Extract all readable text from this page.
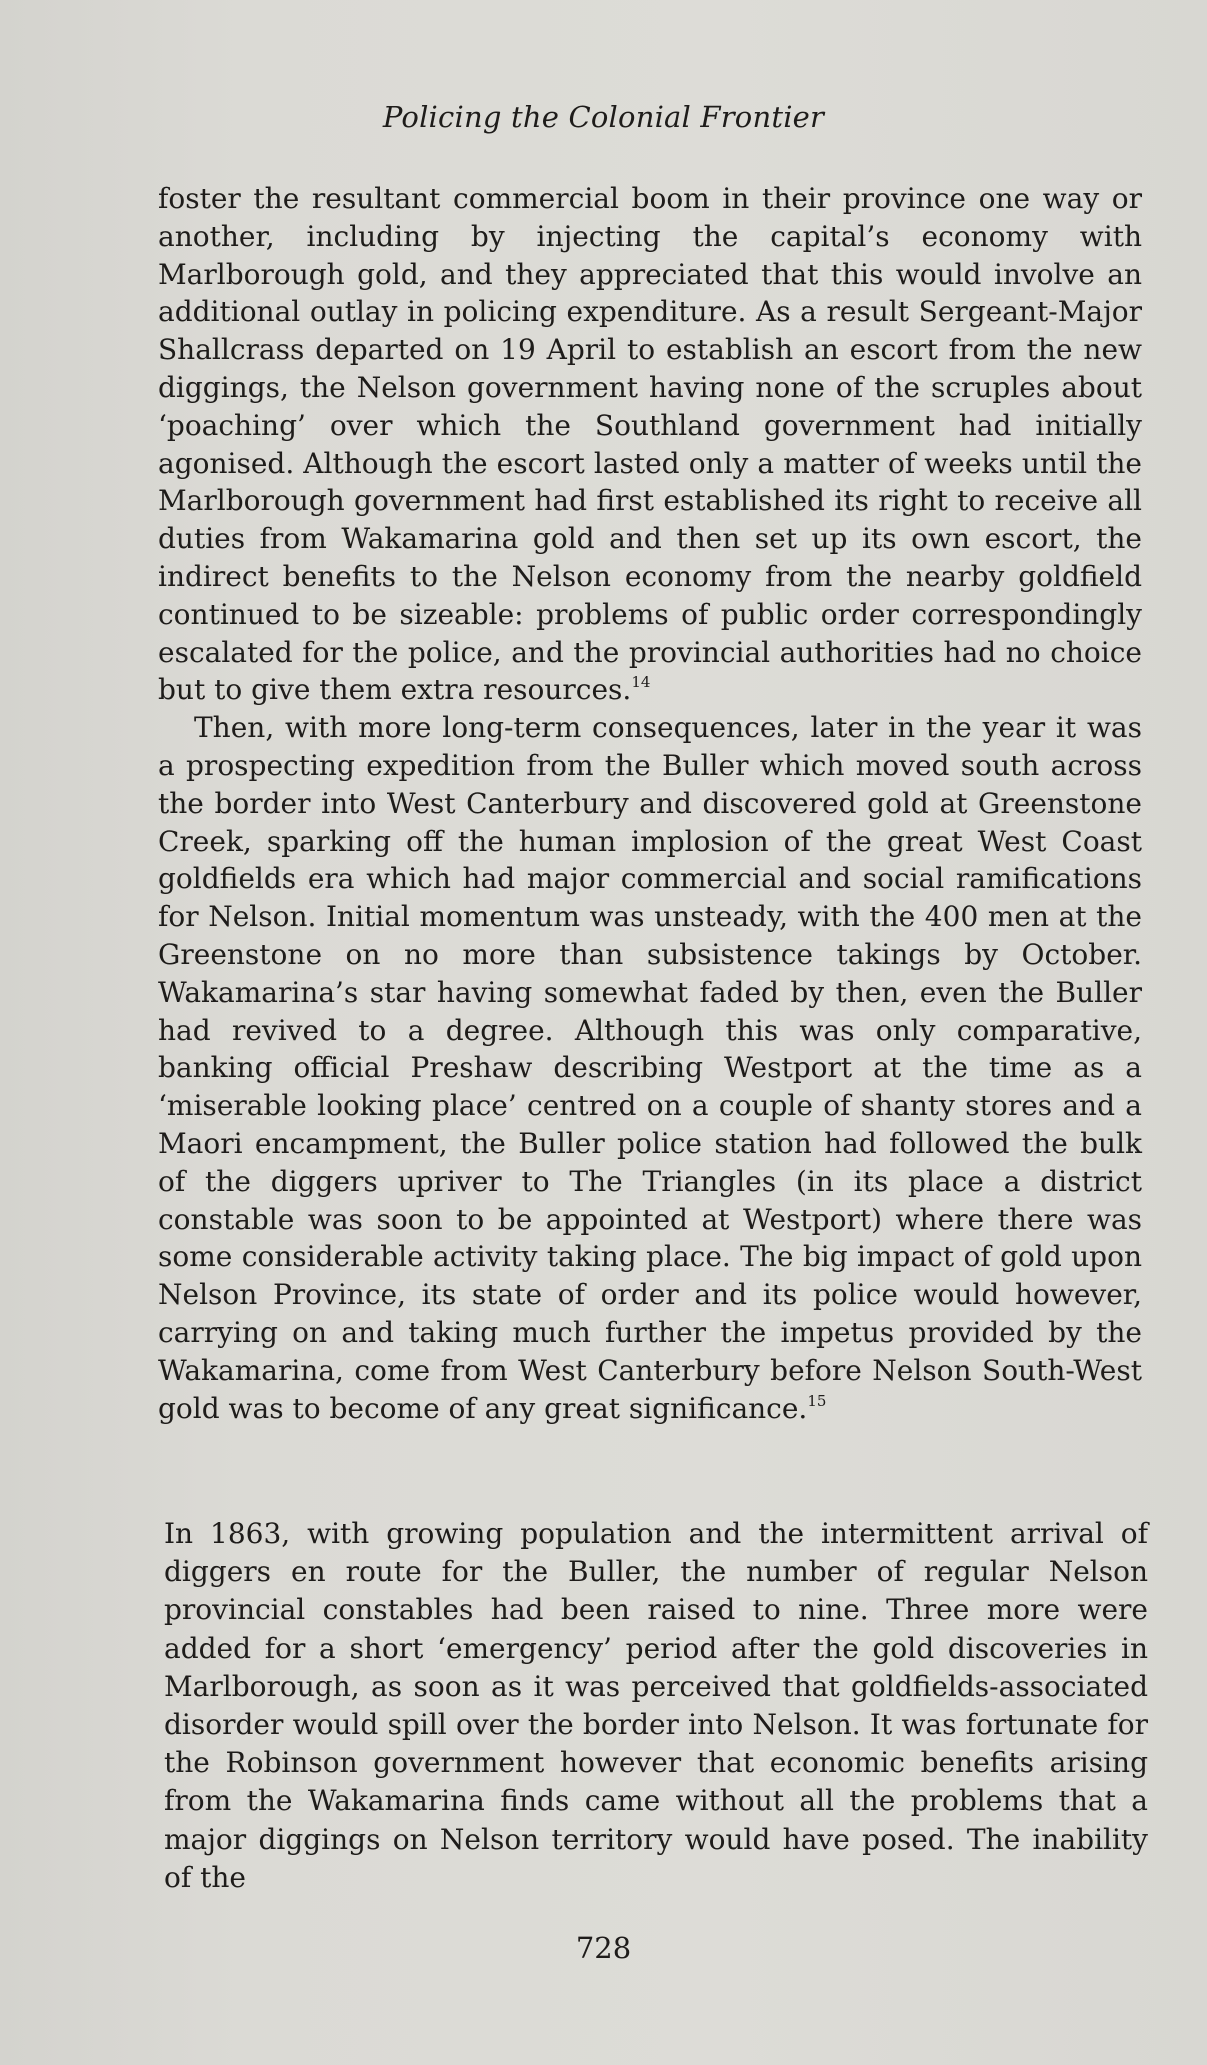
Policing the Colonial Frontier

foster the resultant commercial boom in their province one way or another, including by injecting the capital’s economy with Marlborough gold, and they appreciated that this would involve an additional outlay in policing expenditure. As a result Sergeant-Major Shallcrass departed on 19 April to establish an escort from the new diggings, the Nelson government having none of the scruples about ‘poaching’ over which the Southland government had initially agonised. Although the escort lasted only a matter of weeks until the Marlborough government had first established its right to receive all duties from Wakamarina gold and then set up its own escort, the indirect benefits to the Nelson economy from the nearby goldfield continued to be sizeable: problems of public order correspondingly escalated for the police, and the provincial authorities had no choice but to give them extra resources.$^{14}$

Then, with more long-term consequences, later in the year it was a prospecting expedition from the Buller which moved south across the border into West Canterbury and discovered gold at Greenstone Creek, sparking off the human implosion of the great West Coast goldfields era which had major commercial and social ramifications for Nelson. Initial momentum was unsteady, with the 400 men at the Greenstone on no more than subsistence takings by October. Wakamarina’s star having somewhat faded by then, even the Buller had revived to a degree. Although this was only comparative, banking official Preshaw describing Westport at the time as a ‘miserable looking place’ centred on a couple of shanty stores and a Maori encampment, the Buller police station had followed the bulk of the diggers upriver to The Triangles (in its place a district constable was soon to be appointed at Westport) where there was some considerable activity taking place. The big impact of gold upon Nelson Province, its state of order and its police would however, carrying on and taking much further the impetus provided by the Wakamarina, come from West Canterbury before Nelson South-West gold was to become of any great significance.$^{15}$

In 1863, with growing population and the intermittent arrival of diggers en route for the Buller, the number of regular Nelson provincial constables had been raised to nine. Three more were added for a short ‘emergency’ period after the gold discoveries in Marlborough, as soon as it was perceived that goldfields-associated disorder would spill over the border into Nelson. It was fortunate for the Robinson government however that economic benefits arising from the Wakamarina finds came without all the problems that a major diggings on Nelson territory would have posed. The inability of the

728
